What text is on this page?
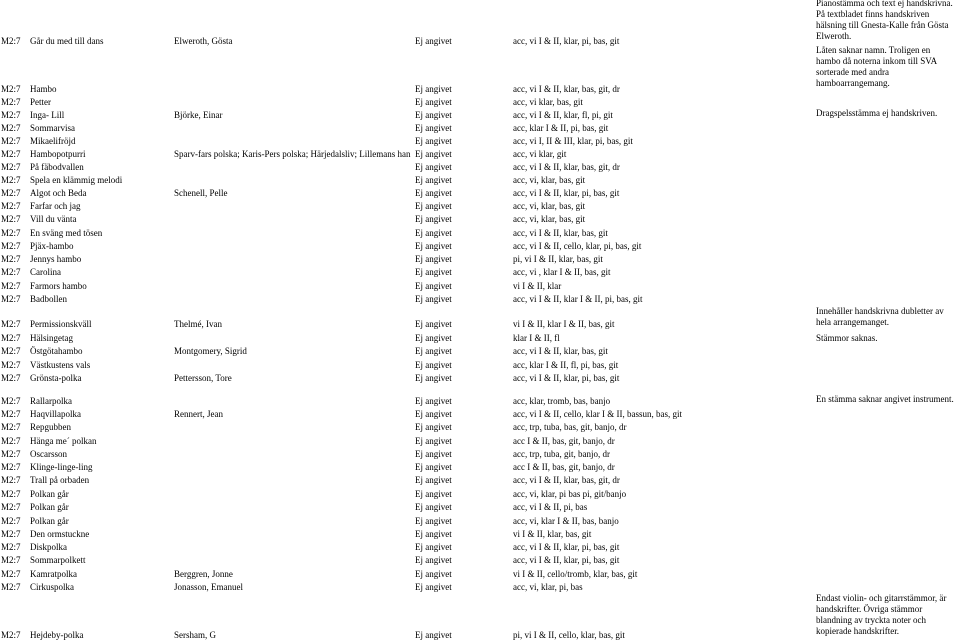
M2:7 Går du med till dans	Elweroth, Gösta	Ej angivet	acc, vi I & II, klar, pi, bas, git
M2:7 Hambo	Ej angivet	acc, vi I & II, klar, bas, git, dr
M2:7 Petter	Ej angivet	acc, vi klar, bas, git
M2:7 Inga- Lill	Björke, Einar	Ej angivet	acc, vi I & II, klar, fl, pi, git
M2:7 Sommarvisa	Ej angivet	acc, klar I & II, pi, bas, git
M2:7 Mikaelifröjd	Ej angivet	acc, vi I, II & III, klar, pi, bas, git
M2:7 Hambopotpurri	Sparv-fars polska; Karis-Pers polska; Härjedalsliv; Lillemans han Ej angivet	acc, vi klar, git
M2:7 På fäbodvallen	Ej angivet	acc, vi I & II, klar, bas, git, dr
M2:7 Spela en klämmig melodi	Ej angivet	acc, vi, klar, bas, git
M2:7 Algot och Beda	Schenell, Pelle	Ej angivet	acc, vi I & II, klar, pi, bas, git
M2:7 Farfar och jag	Ej angivet	acc, vi, klar, bas, git
M2:7 Vill du vänta	Ej angivet	acc, vi, klar, bas, git
M2:7 En sväng med tösen	Ej angivet	acc, vi I & II, klar, bas, git
M2:7 Pjäx-hambo	Ej angivet	acc, vi I & II, cello, klar, pi, bas, git
M2:7 Jennys hambo	Ej angivet	pi, vi I & II, klar, bas, git
M2:7 Carolina	Ej angivet	acc, vi , klar I & II, bas, git
M2:7 Farmors hambo	Ej angivet	vi I & II, klar
M2:7 Badbollen	Ej angivet	acc, vi I & II, klar I & II, pi, bas, git
M2:7 Permissionskväll	Thelmé, Ivan	Ej angivet	vi I & II, klar I & II, bas, git
M2:7 Hälsingetag	Ej angivet	klar I & II, fl
M2:7 Östgötahambo	Montgomery, Sigrid	Ej angivet	acc, vi I & II, klar, bas, git
M2:7 Västkustens vals	Ej angivet	acc, klar I & II, fl, pi, bas, git
M2:7 Grönsta-polka	Pettersson, Tore	Ej angivet	acc, vi I & II, klar, pi, bas, git
M2:7 Rallarpolka	Ej angivet	acc, klar, tromb, bas, banjo
M2:7 Haqvillapolka	Rennert, Jean	Ej angivet	acc, vi I & II, cello, klar I & II, bassun, bas, git
M2:7 Repgubben	Ej angivet	acc, trp, tuba, bas, git, banjo, dr
M2:7 Hänga me´ polkan	Ej angivet	acc I & II, bas, git, banjo, dr
M2:7 Oscarsson	Ej angivet	acc, trp, tuba, git, banjo, dr
M2:7 Klinge-linge-ling	Ej angivet	acc I & II, bas, git, banjo, dr
M2:7 Trall på orbaden	Ej angivet	acc, vi I & II, klar, bas, git, dr
M2:7 Polkan går	Ej angivet	acc, vi, klar, pi bas pi, git/banjo
M2:7 Polkan går	Ej angivet	acc, vi I & II, pi, bas
M2:7 Polkan går	Ej angivet	acc, vi, klar I & II, bas, banjo
M2:7 Den ormstuckne	Ej angivet	vi I & II, klar, bas, git
M2:7 Diskpolka	Ej angivet	acc, vi I & II, klar, pi, bas, git
M2:7 Sommarpolkett	Ej angivet	acc, vi I & II, klar, pi, bas, git
M2:7 Kamratpolka	Berggren, Jonne	Ej angivet	vi I & II, cello/tromb, klar, bas, git
M2:7 Cirkuspolka	Jonasson, Emanuel	Ej angivet	acc, vi, klar, pi, bas
M2:7 Hejdeby-polka	Sersham, G	Ej angivet	pi, vi I & II, cello, klar, bas, git
Pianostämma och text ej handskrivna. På textbladet finns handskriven hälsning till Gnesta-Kalle från Gösta Elweroth.
Låten saknar namn. Troligen en hambo då noterna inkom till SVA sorterade med andra hamboarrangemang.
Dragspelsstämma ej handskriven.
Innehåller handskrivna dubletter av hela arrangemanget.
Stämmor saknas.
En stämma saknar angivet instrument.
Endast violin- och gitarrstämmor, är handskrifter. Övriga stämmor blandning av tryckta noter och kopierade handskrifter.
